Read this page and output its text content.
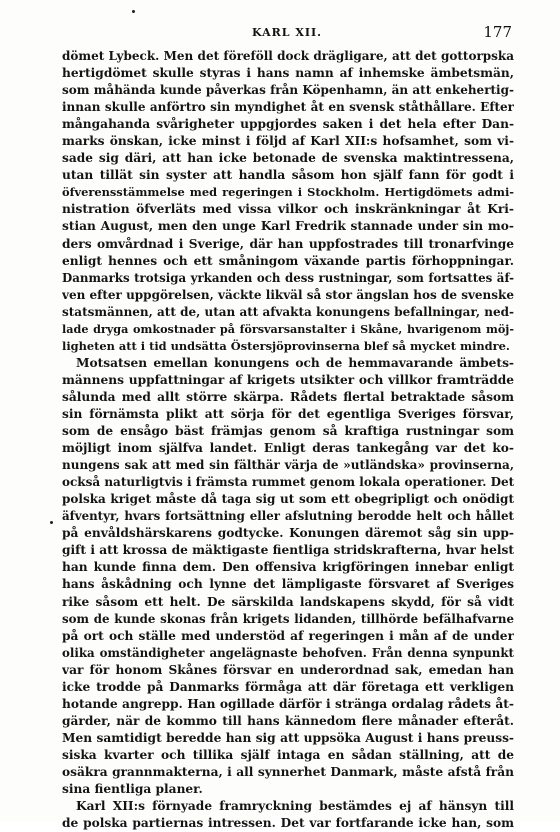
KARL XII.	177
dömet Lybeck. Men det föreföll dock drägligare, att det gottorpska
hertigdömet skulle styras i hans namn af inhemske ämbetsmän,
som måhända kunde påverkas från Köpenhamn, än att enkehertig-
innan skulle anförtro sin myndighet åt en svensk ståthållare. Efter
mångahanda svårigheter uppgjordes saken i det hela efter Dan-
marks önskan, icke minst i följd af Karl XII:s hofsamhet, som vi-
sade sig däri, att han icke betonade de svenska maktintressena,
utan tillät sin syster att handla såsom hon själf fann för godt i
öfverensstämmelse med regeringen i Stockholm. Hertigdömets admi-
nistration öfverläts med vissa vilkor och inskränkningar åt Kri-
stian August, men den unge Karl Fredrik stannade under sin mo-
ders omvårdnad i Sverige, där han uppfostrades till tronarfvinge
enligt hennes och ett småningom växande partis förhoppningar.
Danmarks trotsiga yrkanden och dess rustningar, som fortsattes äf-
ven efter uppgörelsen, väckte likväl så stor ängslan hos de svenske
statsmännen, att de, utan att afvakta konungens befallningar, ned-
lade dryga omkostnader på försvarsanstalter i Skåne, hvarigenom möj-
ligheten att i tid undsätta Östersjöprovinserna blef så mycket mindre.
Motsatsen emellan konungens och de hemmavarande ämbets-
männens uppfattningar af krigets utsikter och villkor framträdde
sålunda med allt större skärpa. Rådets flertal betraktade såsom
sin förnämsta plikt att sörja för det egentliga Sveriges försvar,
som de ensågo bäst främjas genom så kraftiga rustningar som
möjligt inom själfva landet. Enligt deras tankegång var det ko-
nungens sak att med sin fälthär värja de »utländska» provinserna,
också naturligtvis i främsta rummet genom lokala operationer. Det
polska kriget måste då taga sig ut som ett obegripligt och onödigt
äfventyr, hvars fortsättning eller afslutning berodde helt och hållet
på envåldshärskarens godtycke. Konungen däremot såg sin upp-
gift i att krossa de mäktigaste fientliga stridskrafterna, hvar helst
han kunde finna dem. Den offensiva krigföringen innebar enligt
hans åskådning och lynne det lämpligaste försvaret af Sveriges
rike såsom ett helt. De särskilda landskapens skydd, för så vidt
som de kunde skonas från krigets lidanden, tillhörde befälhafvarne
på ort och ställe med understöd af regeringen i mån af de under
olika omständigheter angelägnaste behofven. Från denna synpunkt
var för honom Skånes försvar en underordnad sak, emedan han
icke trodde på Danmarks förmåga att där företaga ett verkligen
hotande angrepp. Han ogillade därför i stränga ordalag rådets åt-
gärder, när de kommo till hans kännedom flere månader efteråt.
Men samtidigt beredde han sig att uppsöka August i hans preuss-
siska kvarter och tillika själf intaga en sådan ställning, att de
osäkra grannmakterna, i all synnerhet Danmark, måste afstå från
sina fientliga planer.
Karl XII:s förnyade framryckning bestämdes ej af hänsyn till
de polska partiernas intressen. Det var fortfarande icke han, som
